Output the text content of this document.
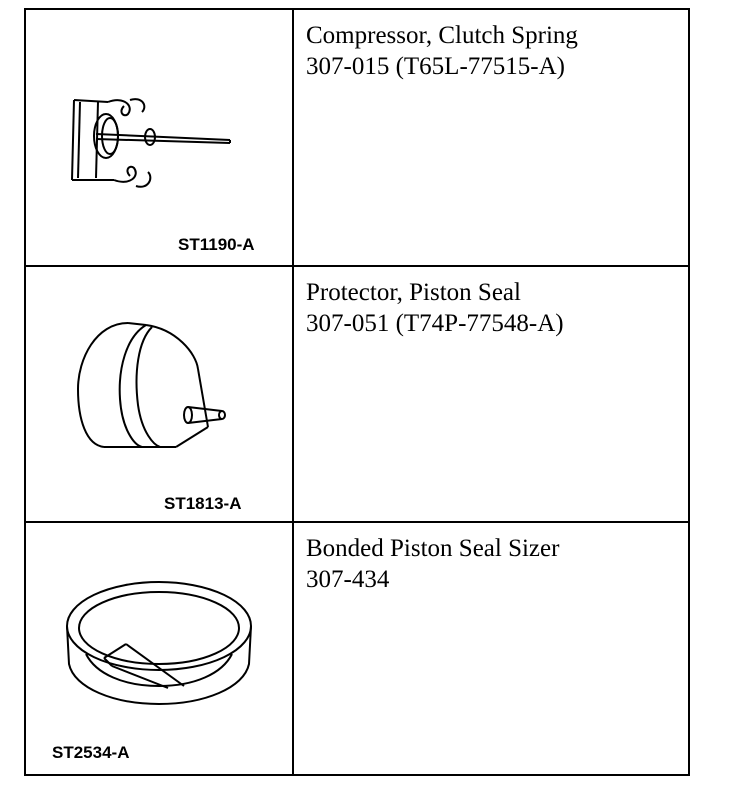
ST1190-A
Compressor, Clutch Spring
307-015 (T65L-77515-A)
ST1813-A
Protector, Piston Seal
307-051 (T74P-77548-A)
ST2534-A
Bonded Piston Seal Sizer
307-434
